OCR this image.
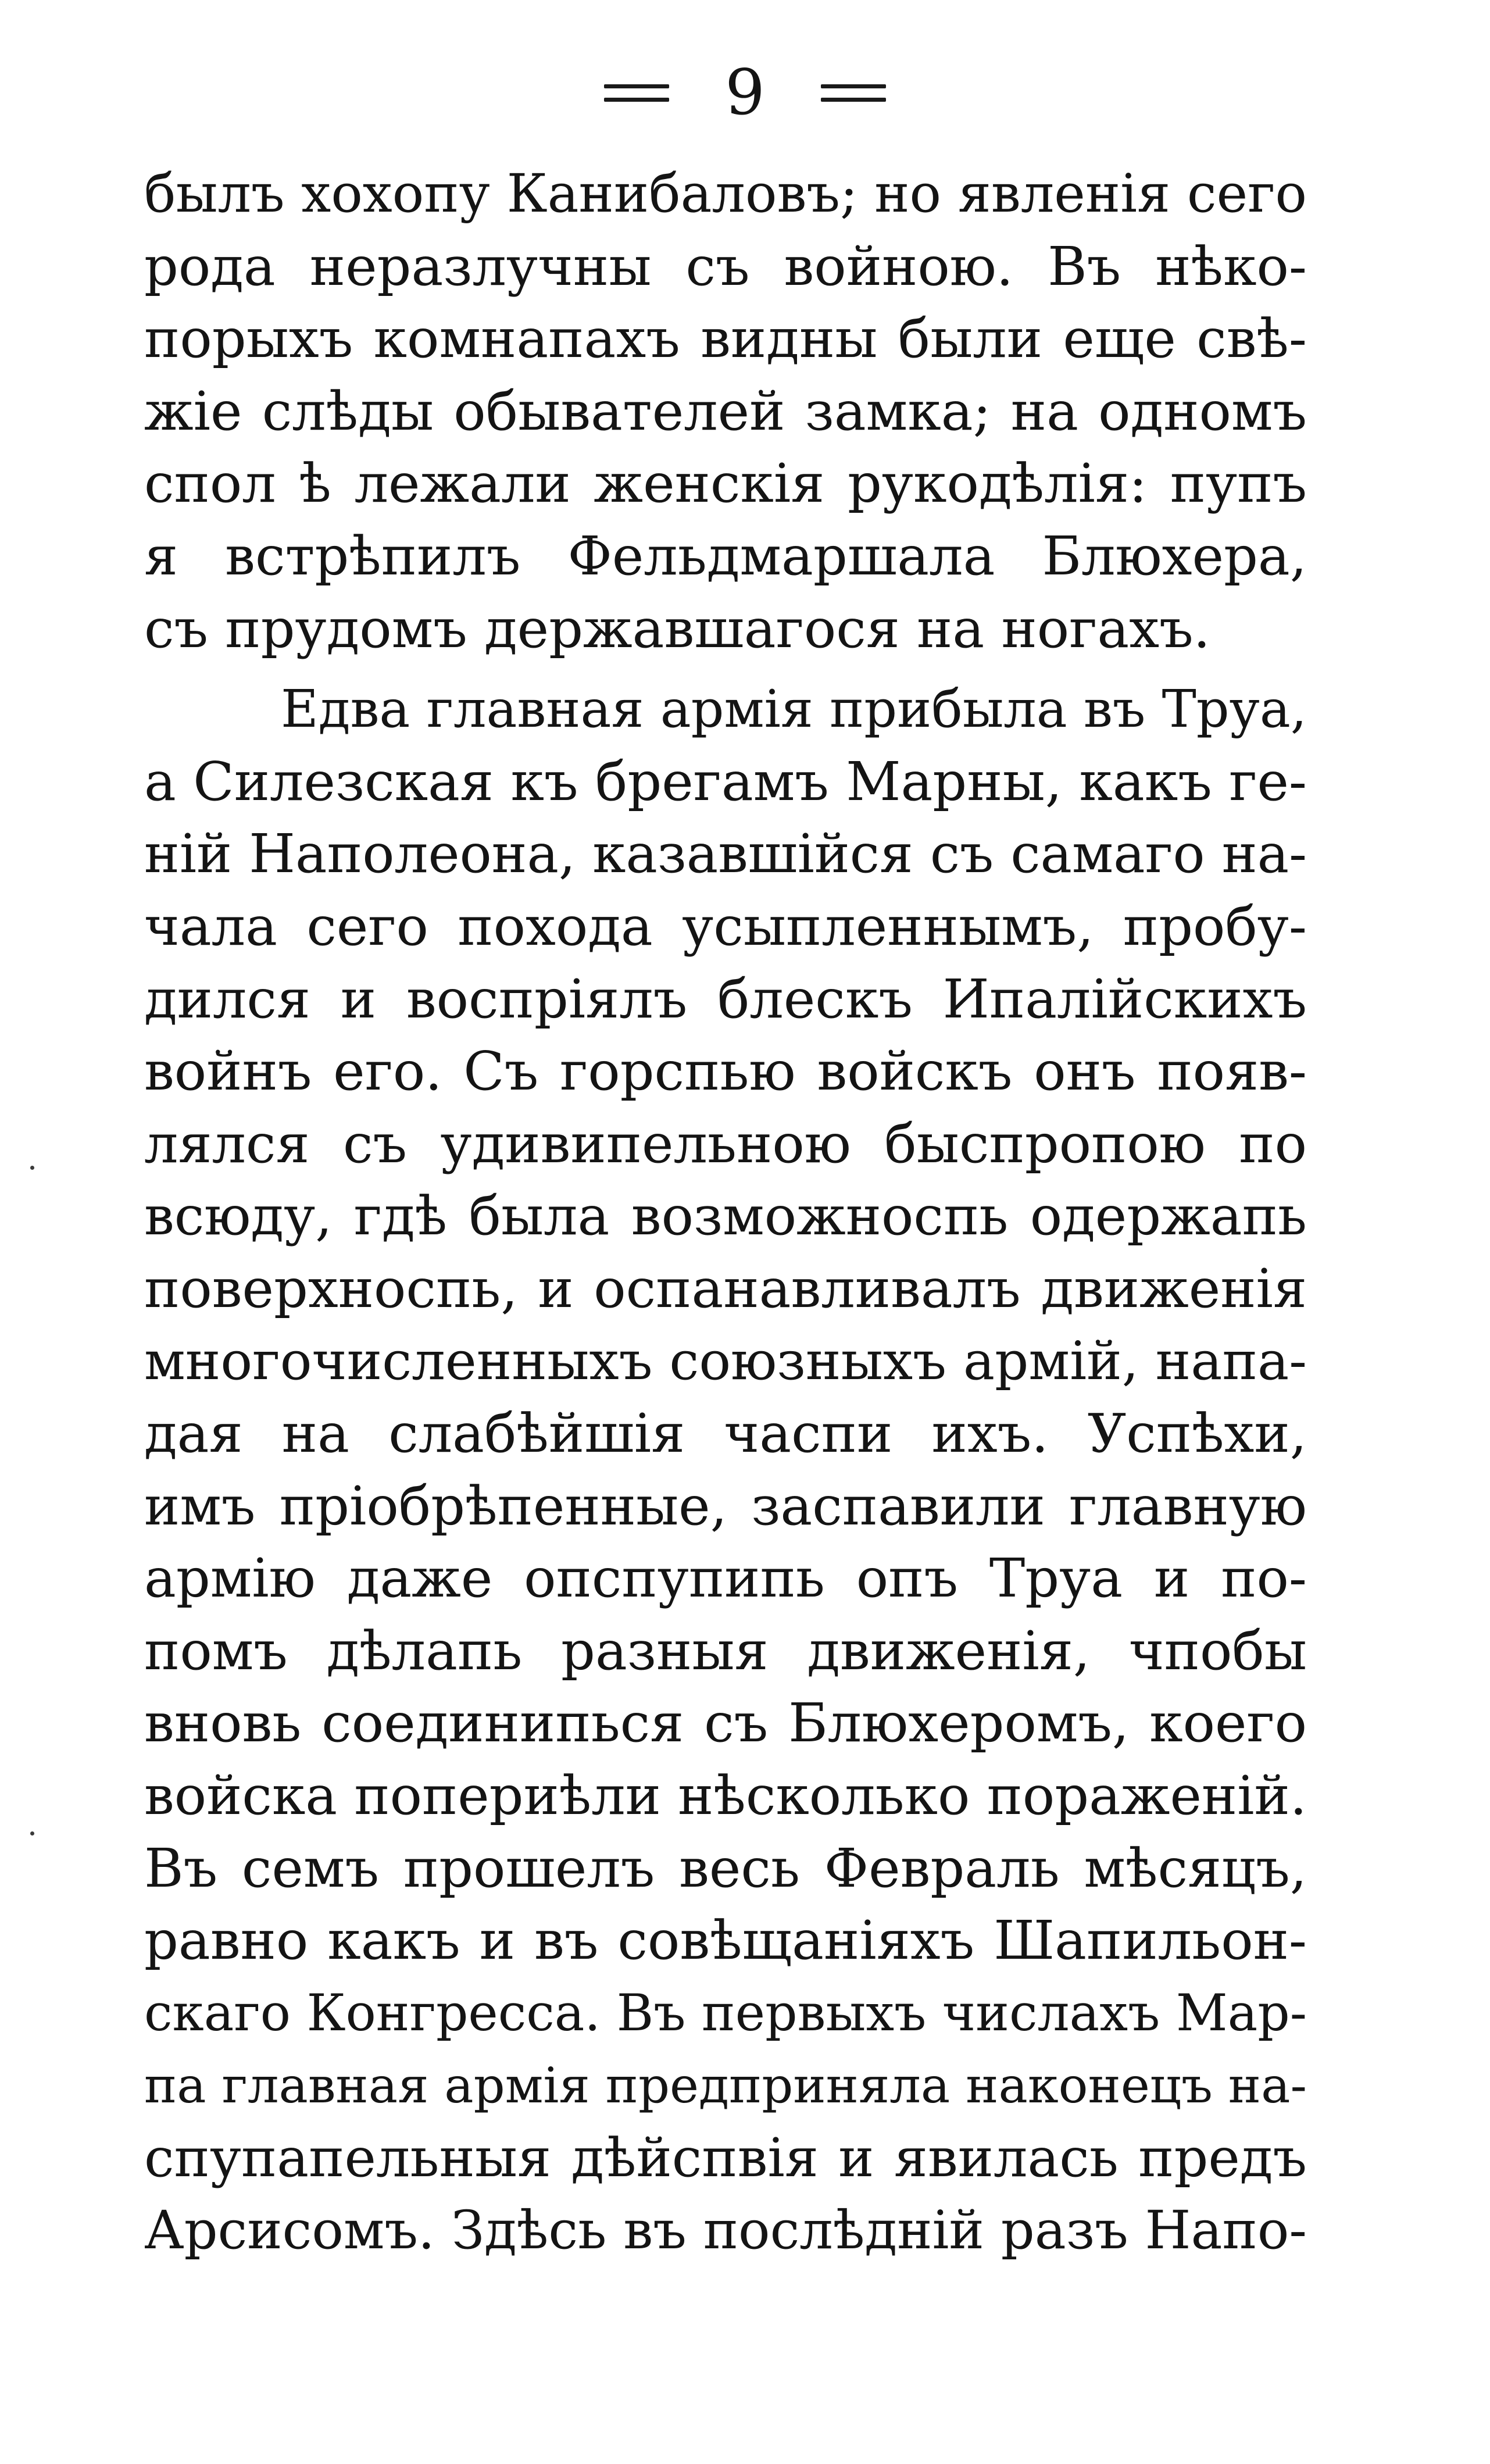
9
былъ хохопу Канибаловъ; но явленія сего
рода неразлучны съ войною. Въ нѣко-
порыхъ комнапахъ видны были еще свѣ-
жіе слѣды обывателей замка; на одномъ
спол ѣ лежали женскія рукодѣлія: пупъ
я встрѣпилъ Фельдмаршала Блюхера,
съ прудомъ державшагося на ногахъ.
Едва главная армія прибыла въ Труа,
а Силезская къ брегамъ Марны, какъ ге-
ній Наполеона, казавшійся съ самаго на-
чала сего похода усыпленнымъ, пробу-
дился и воспріялъ блескъ Ипалійскихъ
войнъ его. Съ горспью войскъ онъ появ-
лялся съ удивипельною быспропою по
всюду, гдѣ была возможноспь одержапь
поверхноспь, и оспанавливалъ движенія
многочисленныхъ союзныхъ армій, напа-
дая на слабѣйшія часпи ихъ. Успѣхи,
имъ пріобрѣпенные, заспавили главную
армію даже опспупипь опъ Труа и по-
помъ дѣлапь разныя движенія, чпобы
вновь соединипься съ Блюхеромъ, коего
войска попериѣли нѣсколько пораженій.
Въ семъ прошелъ весь Февраль мѣсяцъ,
равно какъ и въ совѣщаніяхъ Шапильон-
скаго Конгресса. Въ первыхъ числахъ Мар-
па главная армія предприняла наконецъ на-
спупапельныя дѣйспвія и явилась предъ
Арсисомъ. Здѣсь въ послѣдній разъ Напо-
